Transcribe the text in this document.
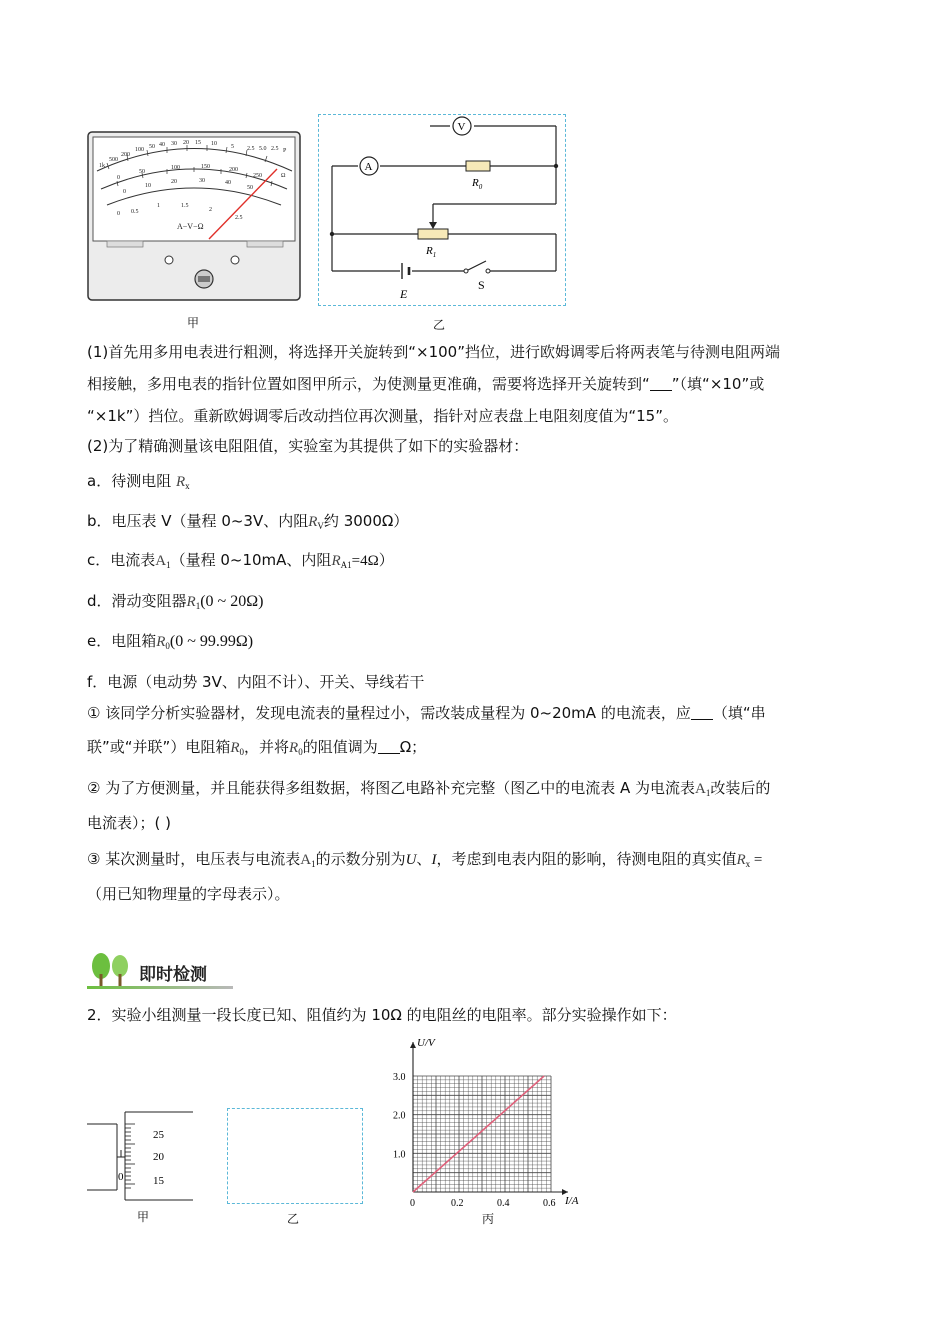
1k
500
200
100 50 40 30 20 15 10 5 2.5 5.0 2.5 P
Ω
0
50
100	150	200
250
0
10
20	30	40
50
0 0.5
1	1.5
2
2.5
A−V−Ω
甲
V
A
$R_0$
$R_1$
E
S
乙
(1)首先用多用电表进行粗测，将选择开关旋转到“×100”挡位，进行欧姆调零后将两表笔与待测电阻两端
相接触，多用电表的指针位置如图甲所示，为使测量更准确，需要将选择开关旋转到“ ”（填“×10”或
“×1k”）挡位。重新欧姆调零后改动挡位再次测量，指针对应表盘上电阻刻度值为“15”。
(2)为了精确测量该电阻阻值，实验室为其提供了如下的实验器材：
a．待测电阻 $R_x$
b．电压表 V（量程 0~3V、内阻$R_V$约 3000Ω）
c．电流表$A_1$（量程 0~10mA、内阻$R_{A1}=4\Omega$）
d．滑动变阻器$R_1(0$ ~ 20Ω)
e．电阻箱$R_0(0$ ~ 99.99Ω)
f．电源（电动势 3V、内阻不计）、开关、导线若干
① 该同学分析实验器材，发现电流表的量程过小，需改装成量程为 0~20mA 的电流表，应 （填“串
联”或“并联”）电阻箱$R_0$，并将$R_0$的阻值调为 Ω；
② 为了方便测量，并且能获得多组数据，将图乙电路补充完整（图乙中的电流表 A 为电流表$A_1$改装后的
电流表）；( )
③ 某次测量时，电压表与电流表$A_1$的示数分别为U、I，考虑到电表内阻的影响，待测电阻的真实值$R_x$ =
（用已知物理量的字母表示）。
即时检测
2．实验小组测量一段长度已知、阻值约为 10Ω 的电阻丝的电阻率。部分实验操作如下：
25
20
15
0
甲	乙
U/V
I/A
3.0
2.0
1.0
0	0.2	0.4	0.6
丙
